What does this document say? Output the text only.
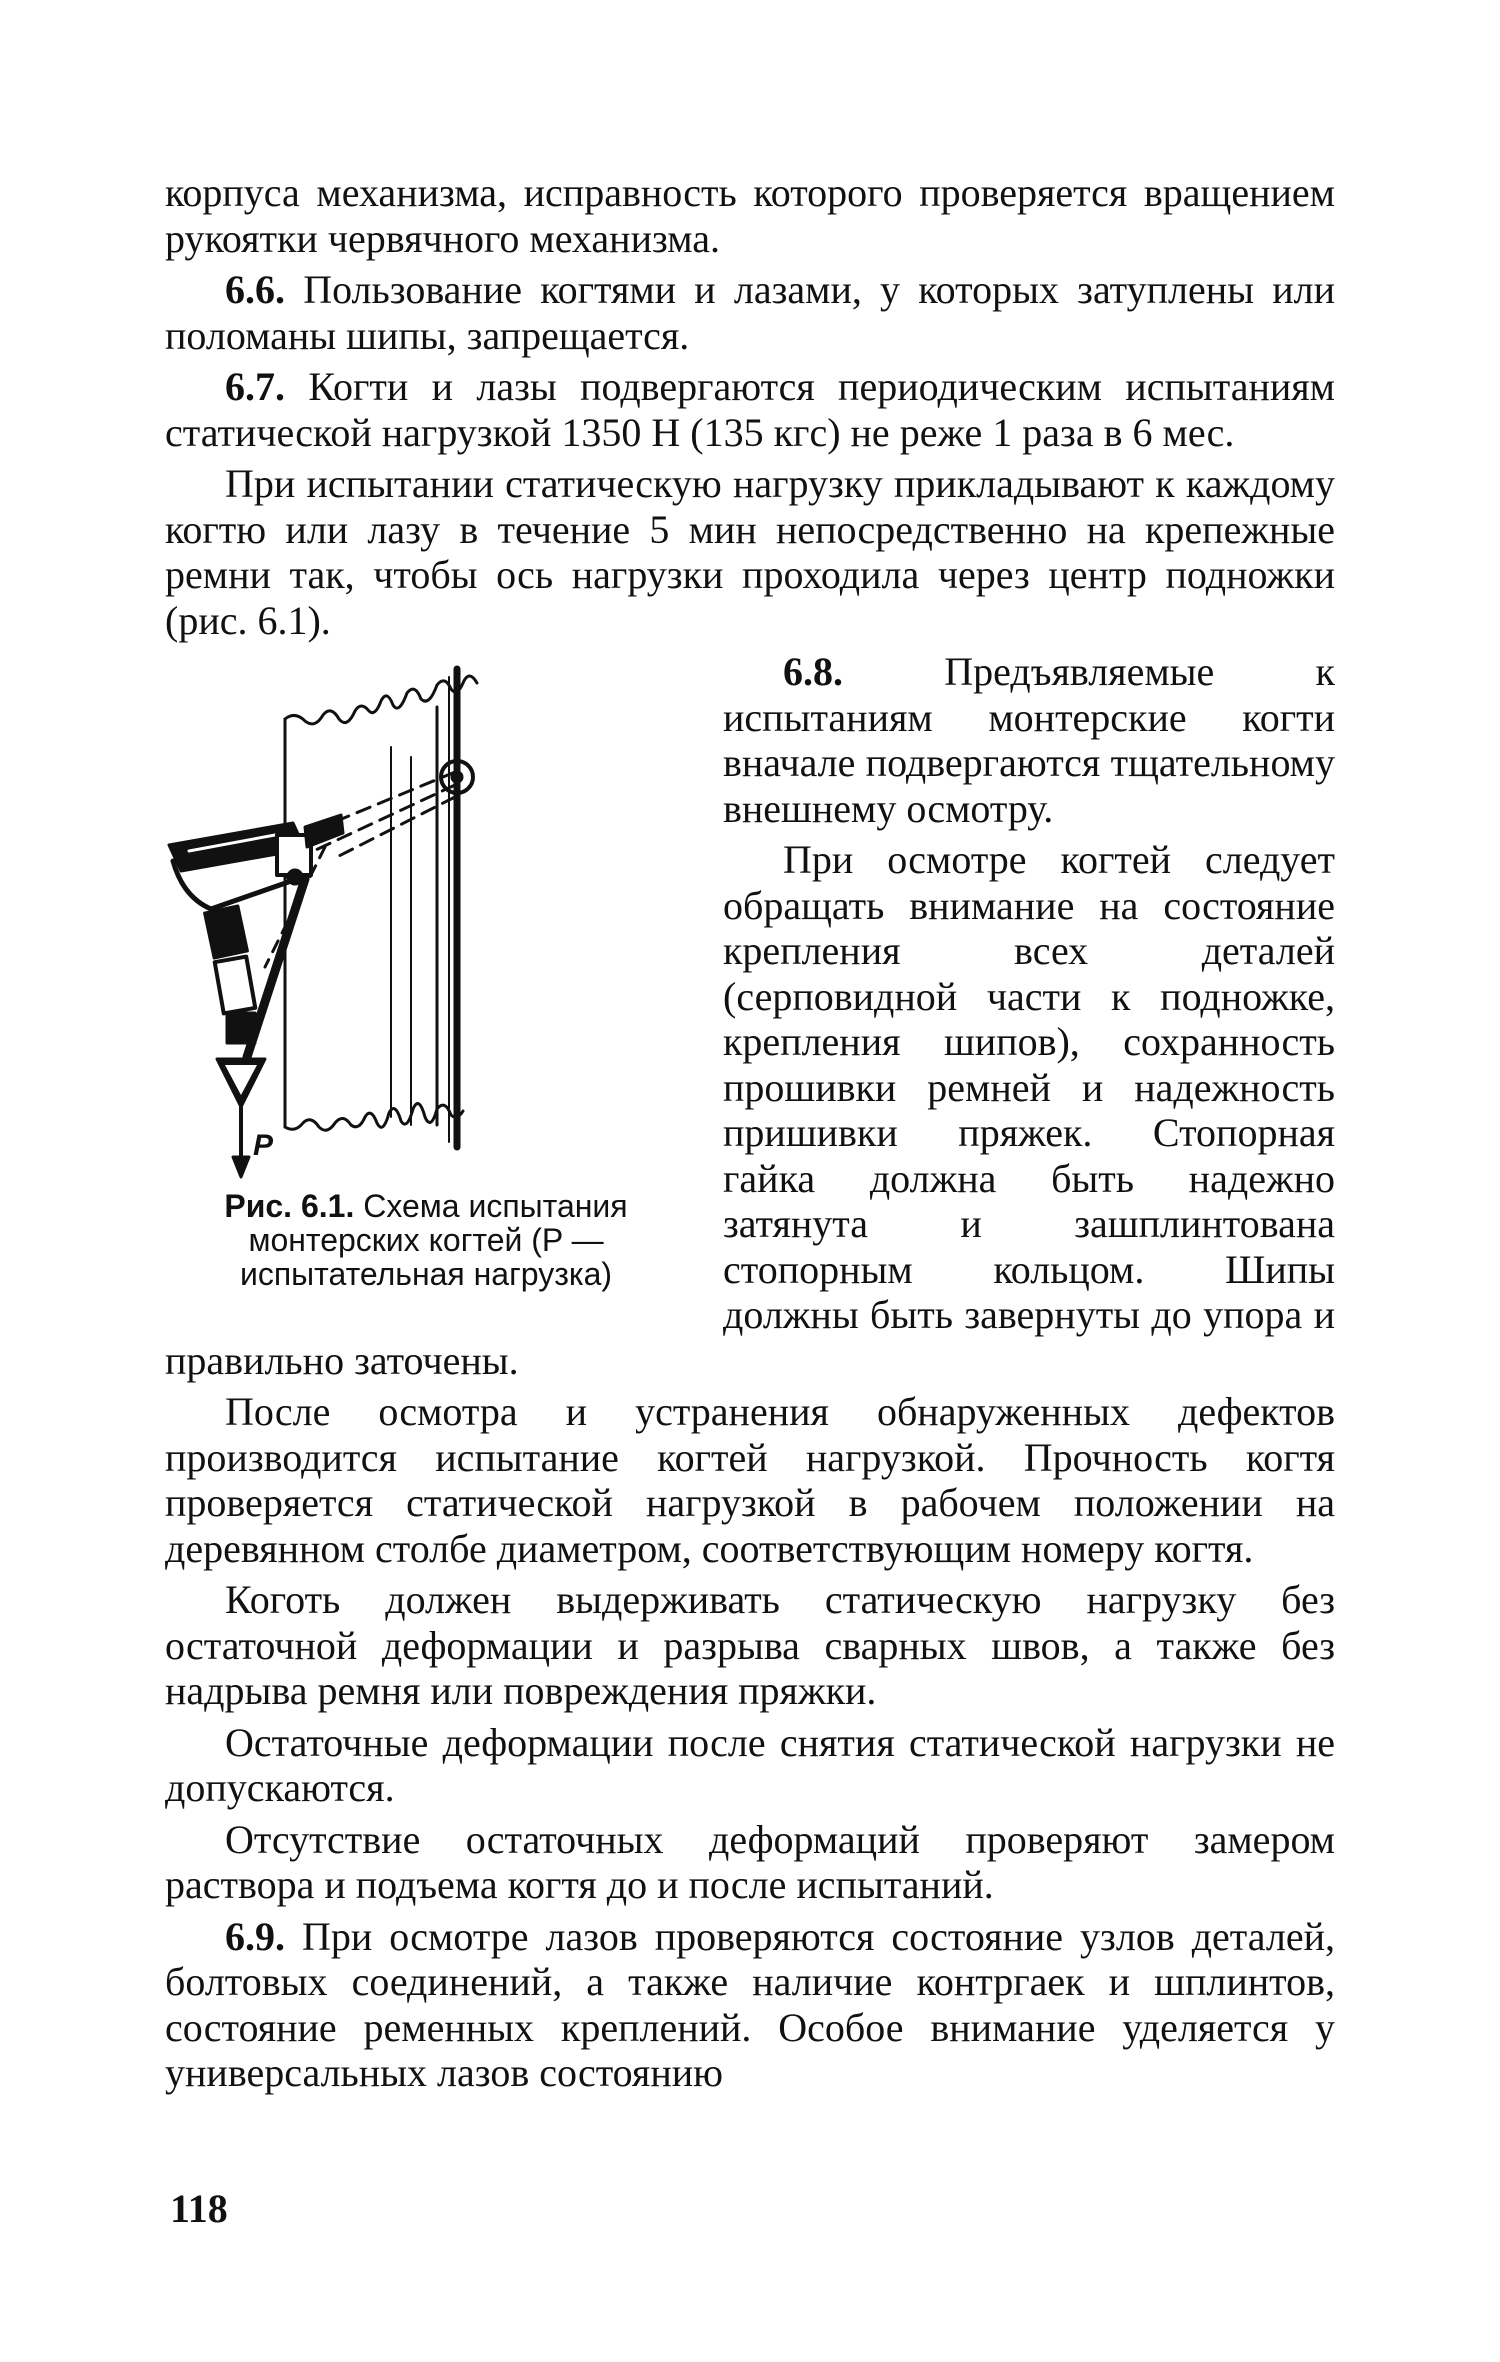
корпуса механизма, исправность которого проверяется вращением рукоятки червячного механизма.

6.6. Пользование когтями и лазами, у которых затуплены или поломаны шипы, запрещается.

6.7. Когти и лазы подвергаются периодическим испытаниям статической нагрузкой 1350 Н (135 кгс) не реже 1 раза в 6 мес.

При испытании статическую нагрузку прикладывают к каждому когтю или лазу в течение 5 мин непосредственно на крепежные ремни так, чтобы ось нагрузки проходила через центр подножки (рис. 6.1).

P
Рис. 6.1. Схема испытания монтерских когтей (P — испытательная нагрузка)

6.8. Предъявляемые к испытаниям монтерские когти вначале подвергаются тщательному внешнему осмотру.

При осмотре когтей следует обращать внимание на состояние крепления всех деталей (серповидной части к подножке, крепления шипов), сохранность прошивки ремней и надежность пришивки пряжек. Стопорная гайка должна быть надежно затянута и зашплинтована стопорным кольцом. Шипы должны быть завернуты до упора и правильно заточены.

После осмотра и устранения обнаруженных дефектов производится испытание когтей нагрузкой. Прочность когтя проверяется статической нагрузкой в рабочем положении на деревянном столбе диаметром, соответствующим номеру когтя.

Коготь должен выдерживать статическую нагрузку без остаточной деформации и разрыва сварных швов, а также без надрыва ремня или повреждения пряжки.

Остаточные деформации после снятия статической нагрузки не допускаются.

Отсутствие остаточных деформаций проверяют замером раствора и подъема когтя до и после испытаний.

6.9. При осмотре лазов проверяются состояние узлов деталей, болтовых соединений, а также наличие контргаек и шплинтов, состояние ременных креплений. Особое внимание уделяется у универсальных лазов состоянию

118
